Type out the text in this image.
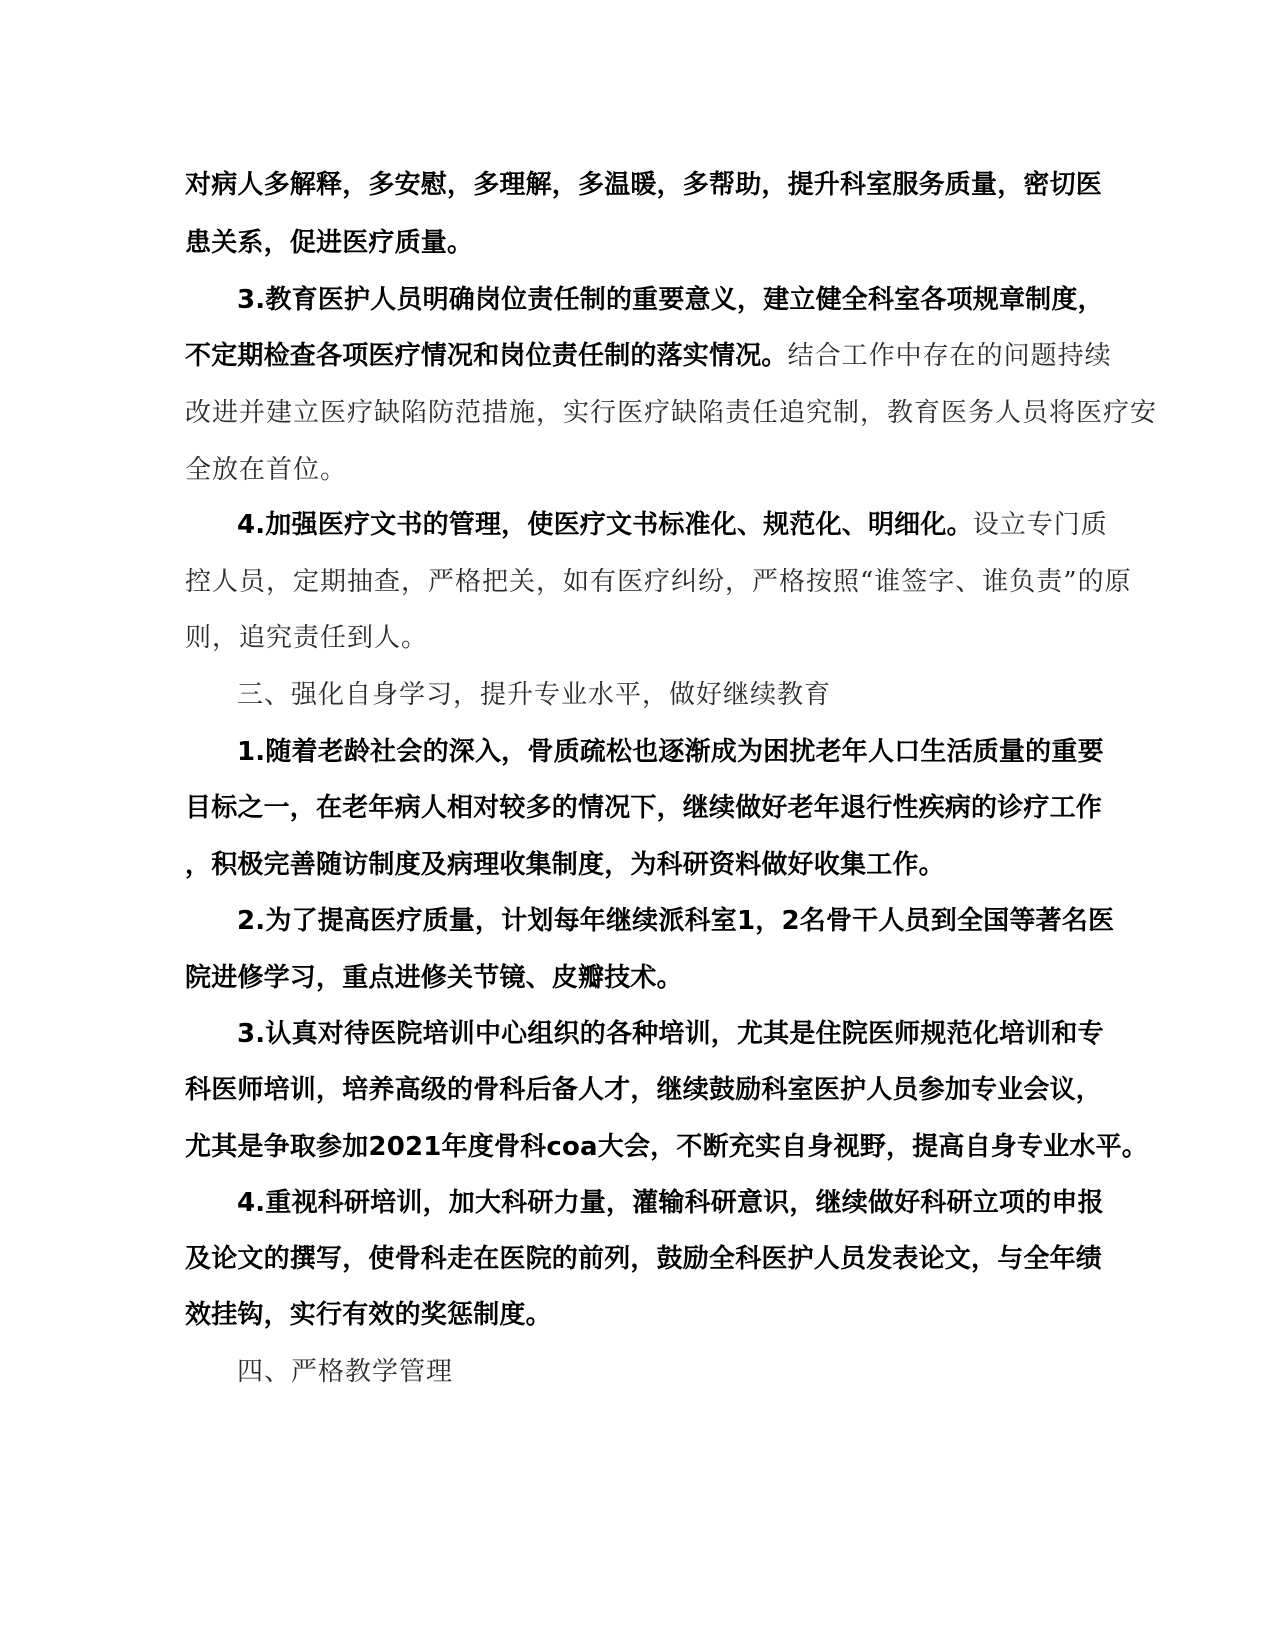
对病人多解释，多安慰，多理解，多温暖，多帮助，提升科室服务质量，密切医
患关系，促进医疗质量。
3.教育医护人员明确岗位责任制的重要意义，建立健全科室各项规章制度，
不定期检查各项医疗情况和岗位责任制的落实情况。结合工作中存在的问题持续
改进并建立医疗缺陷防范措施，实行医疗缺陷责任追究制，教育医务人员将医疗安
全放在首位。
4.加强医疗文书的管理，使医疗文书标准化、规范化、明细化。设立专门质
控人员，定期抽查，严格把关，如有医疗纠纷，严格按照“谁签字、谁负责”的原
则，追究责任到人。
三、强化自身学习，提升专业水平，做好继续教育
1.随着老龄社会的深入，骨质疏松也逐渐成为困扰老年人口生活质量的重要
目标之一，在老年病人相对较多的情况下，继续做好老年退行性疾病的诊疗工作
，积极完善随访制度及病理收集制度，为科研资料做好收集工作。
2.为了提高医疗质量，计划每年继续派科室1，2名骨干人员到全国等著名医
院进修学习，重点进修关节镜、皮瓣技术。
3.认真对待医院培训中心组织的各种培训，尤其是住院医师规范化培训和专
科医师培训，培养高级的骨科后备人才，继续鼓励科室医护人员参加专业会议，
尤其是争取参加2021年度骨科coa大会，不断充实自身视野，提高自身专业水平。
4.重视科研培训，加大科研力量，灌输科研意识，继续做好科研立项的申报
及论文的撰写，使骨科走在医院的前列，鼓励全科医护人员发表论文，与全年绩
效挂钩，实行有效的奖惩制度。
四、严格教学管理
